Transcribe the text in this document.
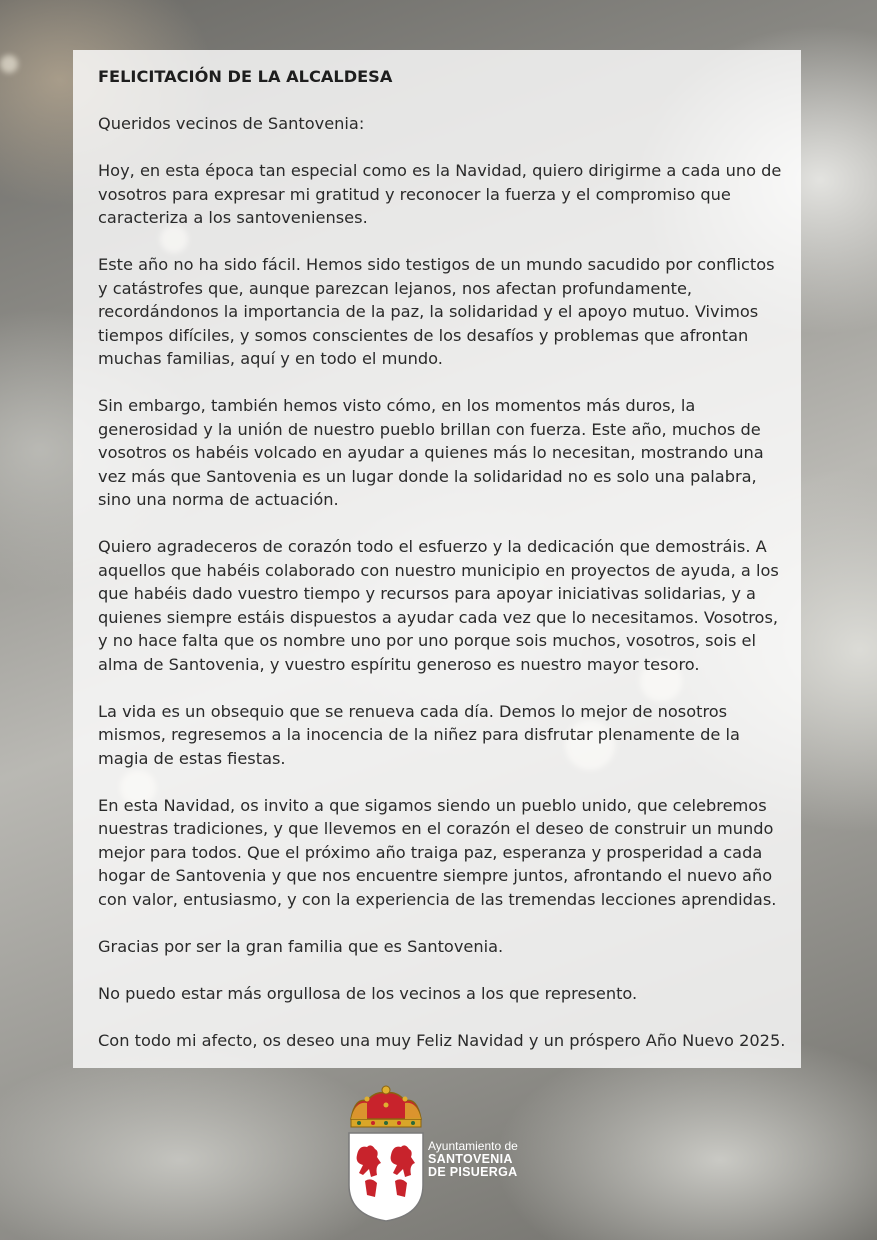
FELICITACIÓN DE LA ALCALDESA

Queridos vecinos de Santovenia:

Hoy, en esta época tan especial como es la Navidad, quiero dirigirme a cada uno de vosotros para expresar mi gratitud y reconocer la fuerza y el compromiso que caracteriza a los santovenienses.

Este año no ha sido fácil. Hemos sido testigos de un mundo sacudido por conflictos y catástrofes que, aunque parezcan lejanos, nos afectan profundamente, recordándonos la importancia de la paz, la solidaridad y el apoyo mutuo. Vivimos tiempos difíciles, y somos conscientes de los desafíos y problemas que afrontan muchas familias, aquí y en todo el mundo.

Sin embargo, también hemos visto cómo, en los momentos más duros, la generosidad y la unión de nuestro pueblo brillan con fuerza. Este año, muchos de vosotros os habéis volcado en ayudar a quienes más lo necesitan, mostrando una vez más que Santovenia es un lugar donde la solidaridad no es solo una palabra, sino una norma de actuación.

Quiero agradeceros de corazón todo el esfuerzo y la dedicación que demostráis. A aquellos que habéis colaborado con nuestro municipio en proyectos de ayuda, a los que habéis dado vuestro tiempo y recursos para apoyar iniciativas solidarias, y a quienes siempre estáis dispuestos a ayudar cada vez que lo necesitamos. Vosotros, y no hace falta que os nombre uno por uno porque sois muchos, vosotros, sois el alma de Santovenia, y vuestro espíritu generoso es nuestro mayor tesoro.

La vida es un obsequio que se renueva cada día. Demos lo mejor de nosotros mismos, regresemos a la inocencia de la niñez para disfrutar plenamente de la magia de estas fiestas.

En esta Navidad, os invito a que sigamos siendo un pueblo unido, que celebremos nuestras tradiciones, y que llevemos en el corazón el deseo de construir un mundo mejor para todos. Que el próximo año traiga paz, esperanza y prosperidad a cada hogar de Santovenia y que nos encuentre siempre juntos, afrontando el nuevo año con valor, entusiasmo, y con la experiencia de las tremendas lecciones aprendidas.

Gracias por ser la gran familia que es Santovenia.

No puedo estar más orgullosa de los vecinos a los que represento.

Con todo mi afecto, os deseo una muy Feliz Navidad y un próspero Año Nuevo 2025.

Ayuntamiento de
SANTOVENIA
DE PISUERGA
